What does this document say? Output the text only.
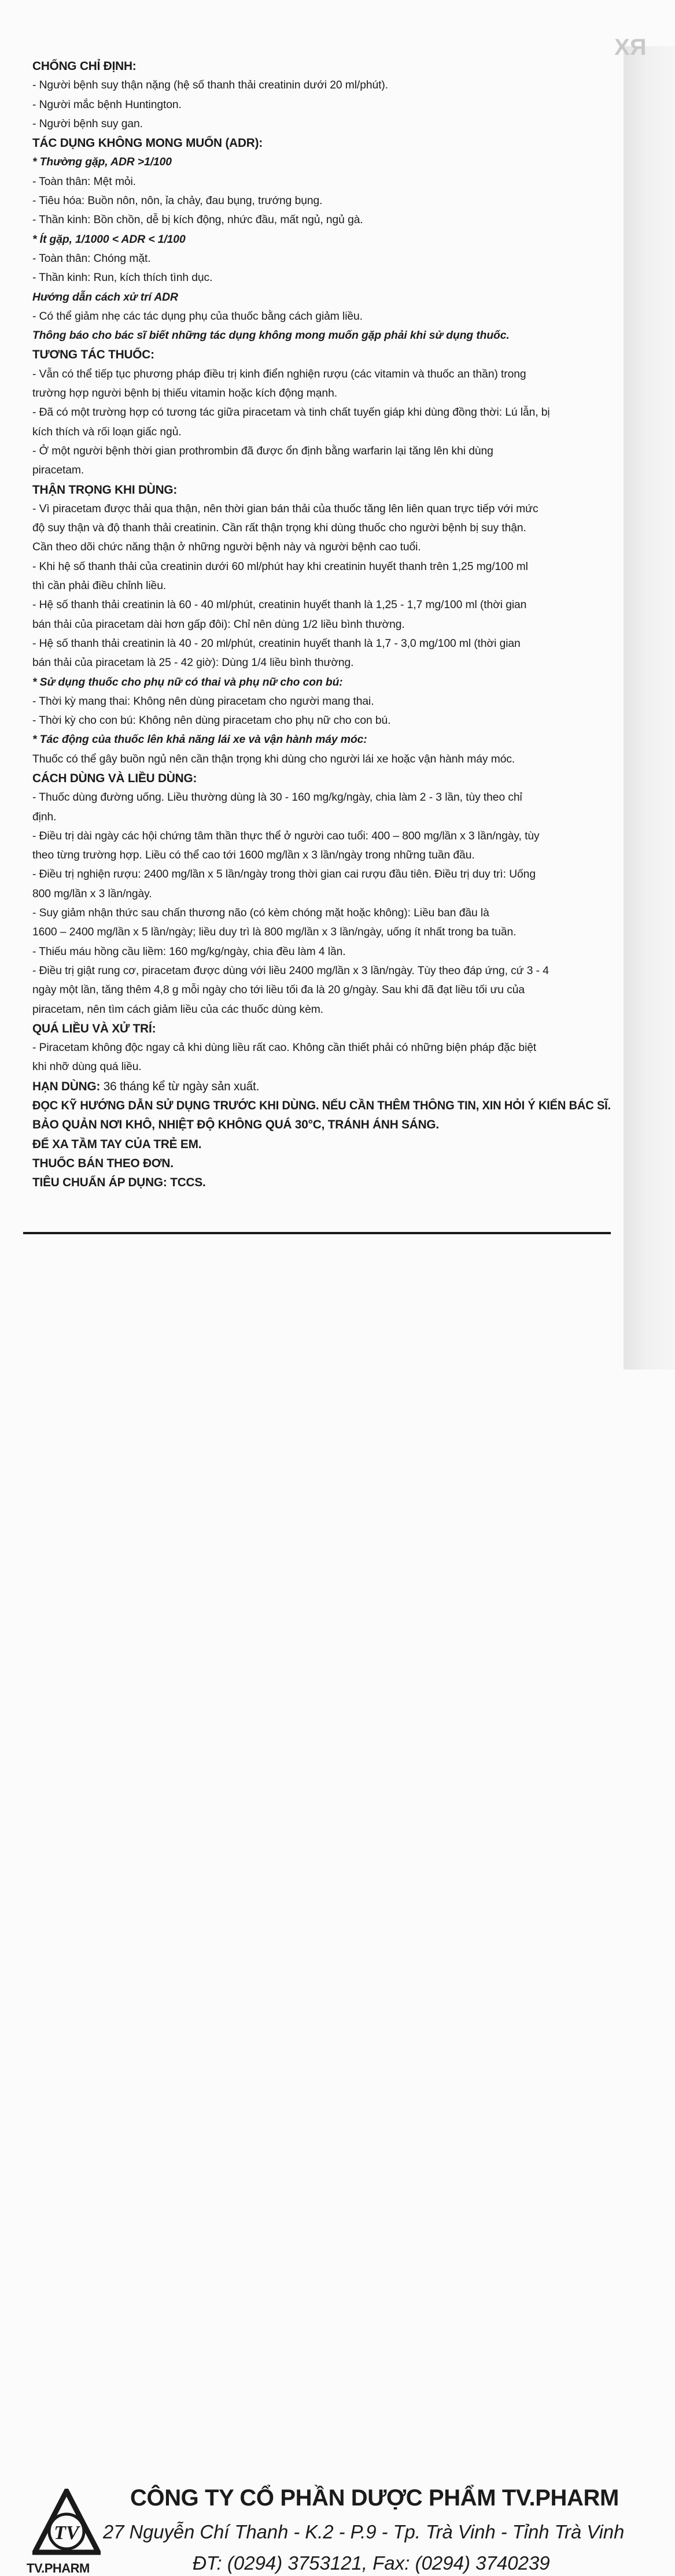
RX
CHỐNG CHỈ ĐỊNH:
- Người bệnh suy thận nặng (hệ số thanh thải creatinin dưới 20 ml/phút).
- Người mắc bệnh Huntington.
- Người bệnh suy gan.
TÁC DỤNG KHÔNG MONG MUỐN (ADR):
* Thường gặp, ADR >1/100
- Toàn thân: Mệt mỏi.
- Tiêu hóa: Buồn nôn, nôn, ỉa chảy, đau bụng, trướng bụng.
- Thần kinh: Bồn chồn, dễ bị kích động, nhức đầu, mất ngủ, ngủ gà.
* Ít gặp, 1/1000 < ADR < 1/100
- Toàn thân: Chóng mặt.
- Thần kinh: Run, kích thích tình dục.
Hướng dẫn cách xử trí ADR
- Có thể giảm nhẹ các tác dụng phụ của thuốc bằng cách giảm liều.
Thông báo cho bác sĩ biết những tác dụng không mong muốn gặp phải khi sử dụng thuốc.
TƯƠNG TÁC THUỐC:
- Vẫn có thể tiếp tục phương pháp điều trị kinh điển nghiện rượu (các vitamin và thuốc an thần) trong
trường hợp người bệnh bị thiếu vitamin hoặc kích động mạnh.
- Đã có một trường hợp có tương tác giữa piracetam và tinh chất tuyến giáp khi dùng đồng thời: Lú lẫn, bị
kích thích và rối loạn giấc ngủ.
- Ở một người bệnh thời gian prothrombin đã được ổn định bằng warfarin lại tăng lên khi dùng
piracetam.
THẬN TRỌNG KHI DÙNG:
- Vì piracetam được thải qua thận, nên thời gian bán thải của thuốc tăng lên liên quan trực tiếp với mức
độ suy thận và độ thanh thải creatinin. Cần rất thận trọng khi dùng thuốc cho người bệnh bị suy thận.
Cần theo dõi chức năng thận ở những người bệnh này và người bệnh cao tuổi.
- Khi hệ số thanh thải của creatinin dưới 60 ml/phút hay khi creatinin huyết thanh trên 1,25 mg/100 ml
thì cần phải điều chỉnh liều.
- Hệ số thanh thải creatinin là 60 - 40 ml/phút, creatinin huyết thanh là 1,25 - 1,7 mg/100 ml (thời gian
bán thải của piracetam dài hơn gấp đôi): Chỉ nên dùng 1/2 liều bình thường.
- Hệ số thanh thải creatinin là 40 - 20 ml/phút, creatinin huyết thanh là 1,7 - 3,0 mg/100 ml (thời gian
bán thải của piracetam là 25 - 42 giờ): Dùng 1/4 liều bình thường.
* Sử dụng thuốc cho phụ nữ có thai và phụ nữ cho con bú:
- Thời kỳ mang thai: Không nên dùng piracetam cho người mang thai.
- Thời kỳ cho con bú: Không nên dùng piracetam cho phụ nữ cho con bú.
* Tác động của thuốc lên khả năng lái xe và vận hành máy móc:
Thuốc có thể gây buồn ngủ nên cần thận trọng khi dùng cho người lái xe hoặc vận hành máy móc.
CÁCH DÙNG VÀ LIỀU DÙNG:
- Thuốc dùng đường uống. Liều thường dùng là 30 - 160 mg/kg/ngày, chia làm 2 - 3 lần, tùy theo chỉ
định.
- Điều trị dài ngày các hội chứng tâm thần thực thể ở người cao tuổi: 400 – 800 mg/lần x 3 lần/ngày, tùy
theo từng trường hợp. Liều có thể cao tới 1600 mg/lần x 3 lần/ngày trong những tuần đầu.
- Điều trị nghiện rượu: 2400 mg/lần x 5 lần/ngày trong thời gian cai rượu đầu tiên. Điều trị duy trì: Uống
800 mg/lần x 3 lần/ngày.
- Suy giảm nhận thức sau chấn thương não (có kèm chóng mặt hoặc không): Liều ban đầu là
1600 – 2400 mg/lần x 5 lần/ngày; liều duy trì là 800 mg/lần x 3 lần/ngày, uống ít nhất trong ba tuần.
- Thiếu máu hồng cầu liềm: 160 mg/kg/ngày, chia đều làm 4 lần.
- Điều trị giật rung cơ, piracetam được dùng với liều 2400 mg/lần x 3 lần/ngày. Tùy theo đáp ứng, cứ 3 - 4
ngày một lần, tăng thêm 4,8 g mỗi ngày cho tới liều tối đa là 20 g/ngày. Sau khi đã đạt liều tối ưu của
piracetam, nên tìm cách giảm liều của các thuốc dùng kèm.
QUÁ LIỀU VÀ XỬ TRÍ:
- Piracetam không độc ngay cả khi dùng liều rất cao. Không cần thiết phải có những biện pháp đặc biệt
khi nhỡ dùng quá liều.
HẠN DÙNG: 36 tháng kể từ ngày sản xuất.
ĐỌC KỸ HƯỚNG DẪN SỬ DỤNG TRƯỚC KHI DÙNG. NẾU CẦN THÊM THÔNG TIN, XIN HỎI Ý KIẾN BÁC SĨ.
BẢO QUẢN NƠI KHÔ, NHIỆT ĐỘ KHÔNG QUÁ 30°C, TRÁNH ÁNH SÁNG.
ĐỂ XA TẦM TAY CỦA TRẺ EM.
THUỐC BÁN THEO ĐƠN.
TIÊU CHUẨN ÁP DỤNG: TCCS.
TV
TV.PHARM
CÔNG TY CỔ PHẦN DƯỢC PHẨM TV.PHARM
27 Nguyễn Chí Thanh - K.2 - P.9 - Tp. Trà Vinh - Tỉnh Trà Vinh
ĐT: (0294) 3753121, Fax: (0294) 3740239
